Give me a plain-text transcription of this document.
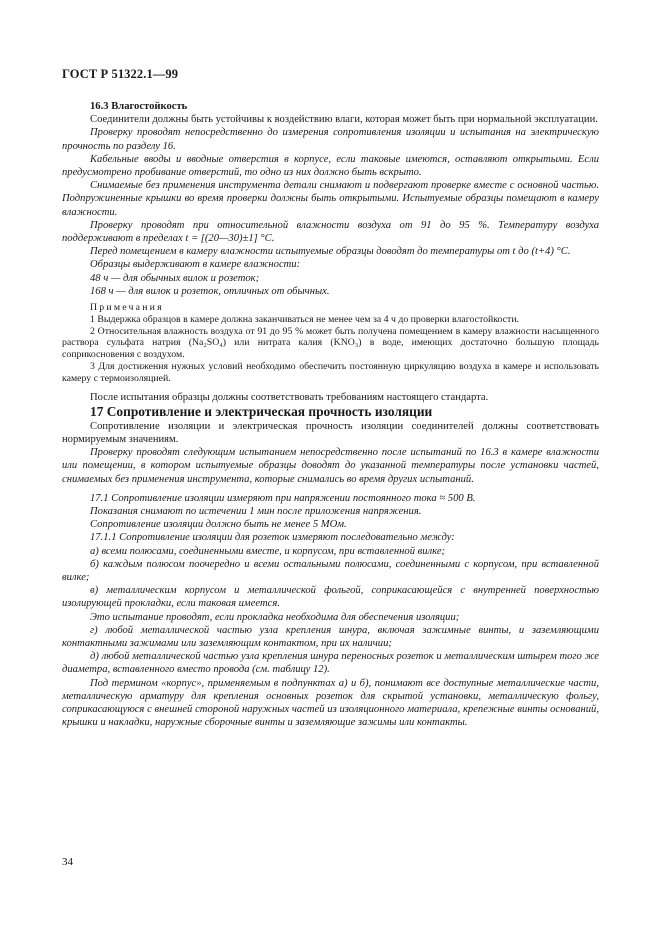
ГОСТ Р 51322.1—99

16.3 Влагостойкость

Соединители должны быть устойчивы к воздействию влаги, которая может быть при нормальной эксплуатации.

Проверку проводят непосредственно до измерения сопротивления изоляции и испытания на электрическую прочность по разделу 16.

Кабельные вводы и вводные отверстия в корпусе, если таковые имеются, оставляют открытыми. Если предусмотрено пробивание отверстий, то одно из них должно быть вскрыто.

Снимаемые без применения инструмента детали снимают и подвергают проверке вместе с основной частью. Подпружиненные крышки во время проверки должны быть открытыми. Испытуемые образцы помещают в камеру влажности.

Проверку проводят при относительной влажности воздуха от 91 до 95 %. Температуру воздуха поддерживают в пределах t = [(20—30)±1] °C.

Перед помещением в камеру влажности испытуемые образцы доводят до температуры от t до (t+4) °C.

Образцы выдерживают в камере влажности:

48 ч — для обычных вилок и розеток;

168 ч — для вилок и розеток, отличных от обычных.

Примечания

1 Выдержка образцов в камере должна заканчиваться не менее чем за 4 ч до проверки влагостойкости.

2 Относительная влажность воздуха от 91 до 95 % может быть получена помещением в камеру влажности насыщенного раствора сульфата натрия (Na₂SO₄) или нитрата калия (KNO₃) в воде, имеющих достаточно большую площадь соприкосновения с воздухом.

3 Для достижения нужных условий необходимо обеспечить постоянную циркуляцию воздуха в камере и использовать камеру с термоизоляцией.

После испытания образцы должны соответствовать требованиям настоящего стандарта.

17 Сопротивление и электрическая прочность изоляции

Сопротивление изоляции и электрическая прочность изоляции соединителей должны соответствовать нормируемым значениям.

Проверку проводят следующим испытанием непосредственно после испытаний по 16.3 в камере влажности или помещении, в котором испытуемые образцы доводят до указанной температуры после установки частей, снимаемых без применения инструмента, которые снимались во время других испытаний.

17.1 Сопротивление изоляции измеряют при напряжении постоянного тока ≈ 500 В.

Показания снимают по истечении 1 мин после приложения напряжения.

Сопротивление изоляции должно быть не менее 5 МОм.

17.1.1 Сопротивление изоляции для розеток измеряют последовательно между:

а) всеми полюсами, соединенными вместе, и корпусом, при вставленной вилке;

б) каждым полюсом поочередно и всеми остальными полюсами, соединенными с корпусом, при вставленной вилке;

в) металлическим корпусом и металлической фольгой, соприкасающейся с внутренней поверхностью изолирующей прокладки, если таковая имеется.

Это испытание проводят, если прокладка необходима для обеспечения изоляции;

г) любой металлической частью узла крепления шнура, включая зажимные винты, и заземляющими контактными зажимами или заземляющим контактом, при их наличии;

д) любой металлической частью узла крепления шнура переносных розеток и металлическим штырем того же диаметра, вставленного вместо провода (см. таблицу 12).

Под термином «корпус», применяемым в подпунктах а) и б), понимают все доступные металлические части, металлическую арматуру для крепления основных розеток для скрытой установки, металлическую фольгу, соприкасающуюся с внешней стороной наружных частей из изоляционного материала, крепежные винты оснований, крышки и накладки, наружные сборочные винты и заземляющие зажимы или контакты.

34
